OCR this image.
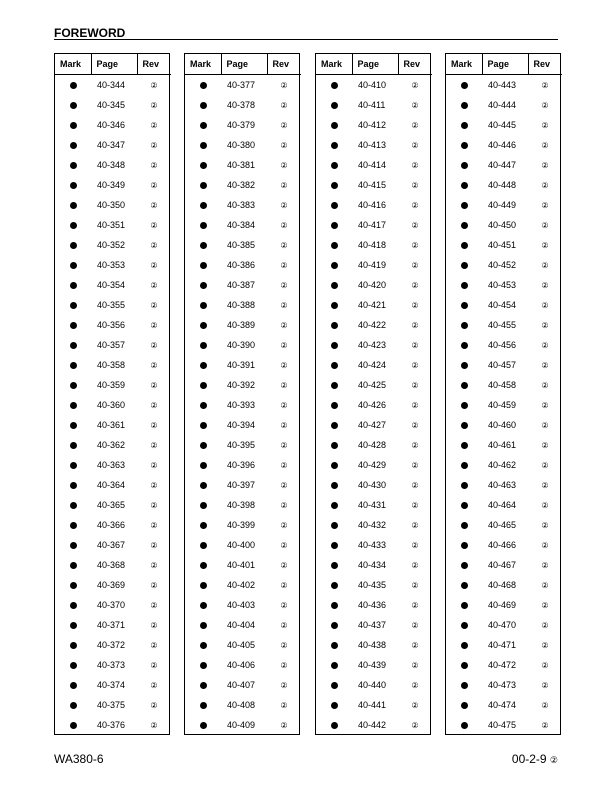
FOREWORD
Mark	Page	Rev
	40-344	②
	40-345	②
	40-346	②
	40-347	②
	40-348	②
	40-349	②
	40-350	②
	40-351	②
	40-352	②
	40-353	②
	40-354	②
	40-355	②
	40-356	②
	40-357	②
	40-358	②
	40-359	②
	40-360	②
	40-361	②
	40-362	②
	40-363	②
	40-364	②
	40-365	②
	40-366	②
	40-367	②
	40-368	②
	40-369	②
	40-370	②
	40-371	②
	40-372	②
	40-373	②
	40-374	②
	40-375	②
	40-376	②
Mark	Page	Rev
	40-377	②
	40-378	②
	40-379	②
	40-380	②
	40-381	②
	40-382	②
	40-383	②
	40-384	②
	40-385	②
	40-386	②
	40-387	②
	40-388	②
	40-389	②
	40-390	②
	40-391	②
	40-392	②
	40-393	②
	40-394	②
	40-395	②
	40-396	②
	40-397	②
	40-398	②
	40-399	②
	40-400	②
	40-401	②
	40-402	②
	40-403	②
	40-404	②
	40-405	②
	40-406	②
	40-407	②
	40-408	②
	40-409	②
Mark	Page	Rev
	40-410	②
	40-411	②
	40-412	②
	40-413	②
	40-414	②
	40-415	②
	40-416	②
	40-417	②
	40-418	②
	40-419	②
	40-420	②
	40-421	②
	40-422	②
	40-423	②
	40-424	②
	40-425	②
	40-426	②
	40-427	②
	40-428	②
	40-429	②
	40-430	②
	40-431	②
	40-432	②
	40-433	②
	40-434	②
	40-435	②
	40-436	②
	40-437	②
	40-438	②
	40-439	②
	40-440	②
	40-441	②
	40-442	②
Mark	Page	Rev
	40-443	②
	40-444	②
	40-445	②
	40-446	②
	40-447	②
	40-448	②
	40-449	②
	40-450	②
	40-451	②
	40-452	②
	40-453	②
	40-454	②
	40-455	②
	40-456	②
	40-457	②
	40-458	②
	40-459	②
	40-460	②
	40-461	②
	40-462	②
	40-463	②
	40-464	②
	40-465	②
	40-466	②
	40-467	②
	40-468	②
	40-469	②
	40-470	②
	40-471	②
	40-472	②
	40-473	②
	40-474	②
	40-475	②
WA380-6	00-2-9 ②
